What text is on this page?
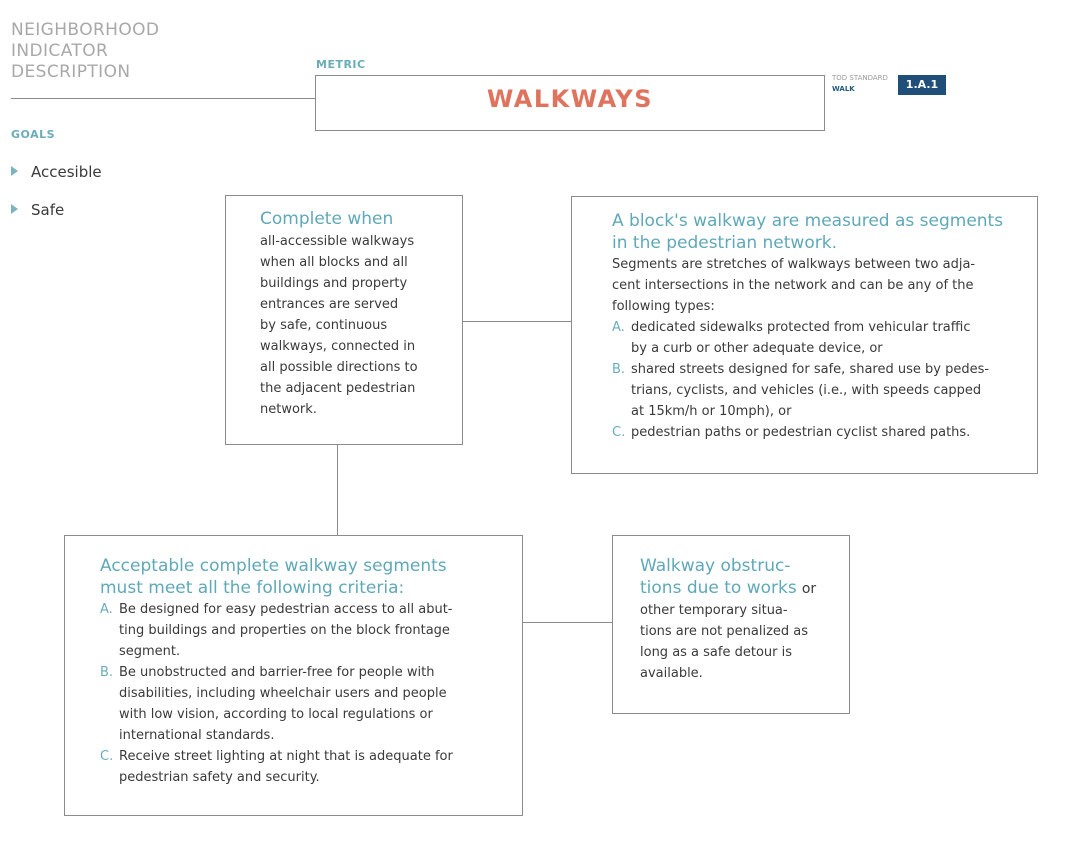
NEIGHBORHOOD
INDICATOR
DESCRIPTION	METRIC
WALKWAYS
TOD STANDARD
WALK	1.A.1
GOALS
Accesible
Safe	Complete when
all-accessible walkways
when all blocks and all
buildings and property
entrances are served
by safe, continuous
walkways, connected in
all possible directions to
the adjacent pedestrian
network.
A block's walkway are measured as segments
in the pedestrian network.
Segments are stretches of walkways between two adja-
cent intersections in the network and can be any of the
following types:
A. dedicated sidewalks protected from vehicular traffic
by a curb or other adequate device, or
B. shared streets designed for safe, shared use by pedes-
trians, cyclists, and vehicles (i.e., with speeds capped
at 15km/h or 10mph), or
C. pedestrian paths or pedestrian cyclist shared paths.
Acceptable complete walkway segments
must meet all the following criteria:
A. Be designed for easy pedestrian access to all abut-
ting buildings and properties on the block frontage
segment.
B. Be unobstructed and barrier-free for people with
disabilities, including wheelchair users and people
with low vision, according to local regulations or
international standards.
C. Receive street lighting at night that is adequate for
pedestrian safety and security.
Walkway obstruc-
tions due to works or
other temporary situa-
tions are not penalized as
long as a safe detour is
available.
